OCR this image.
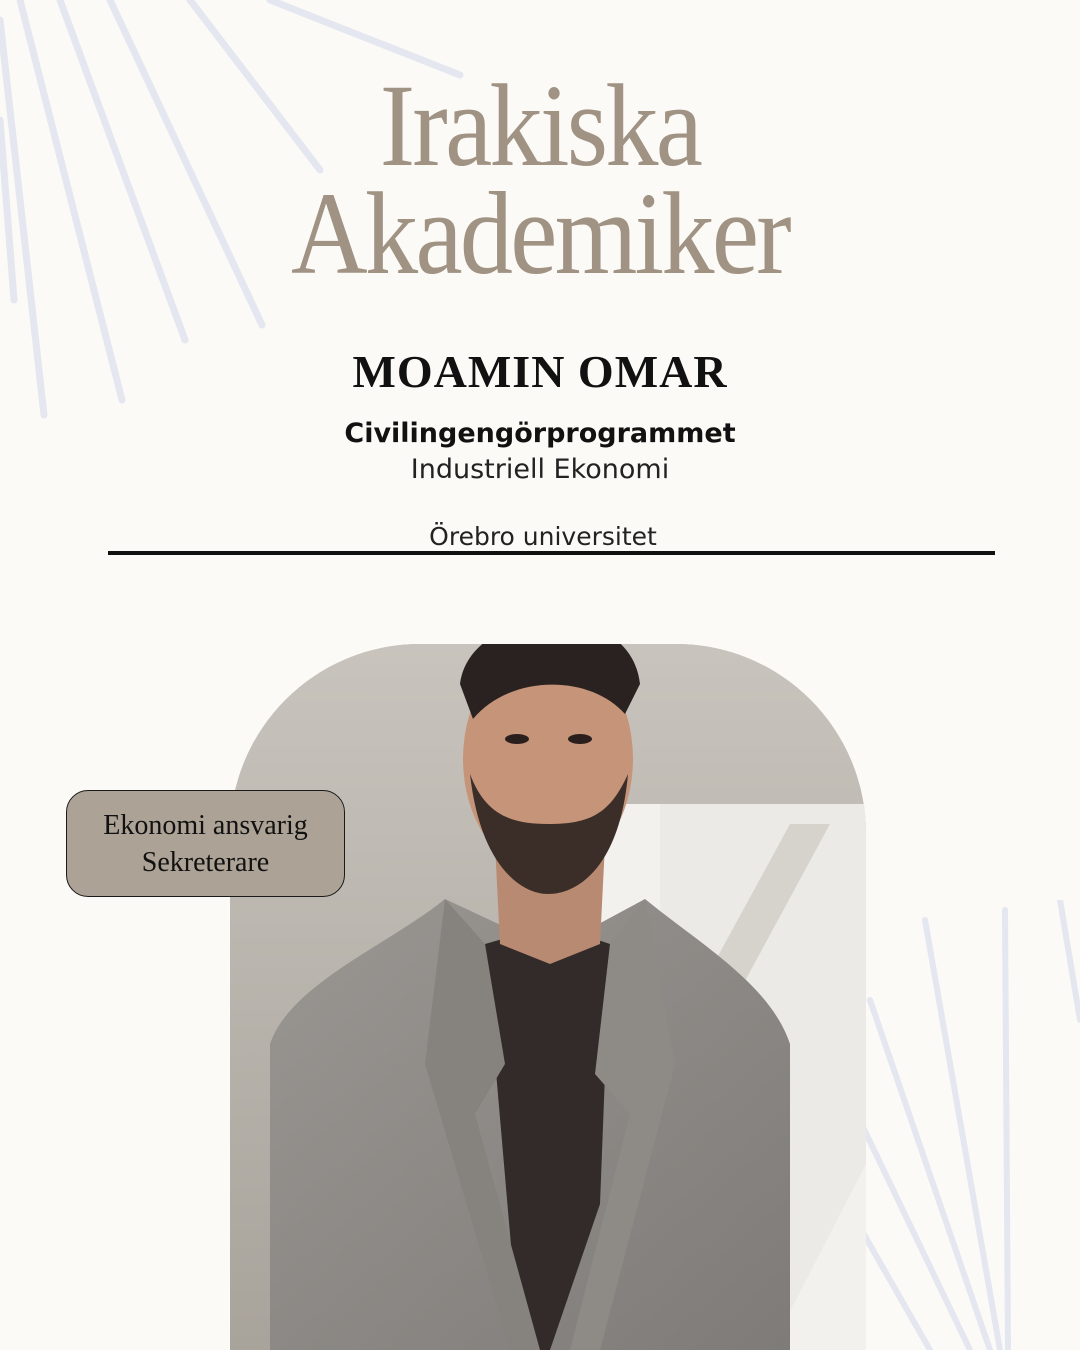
Irakiska
Akademiker
MOAMIN OMAR
Civilingengörprogrammet
Industriell Ekonomi
Örebro universitet
Ekonomi ansvarig
Sekreterare
